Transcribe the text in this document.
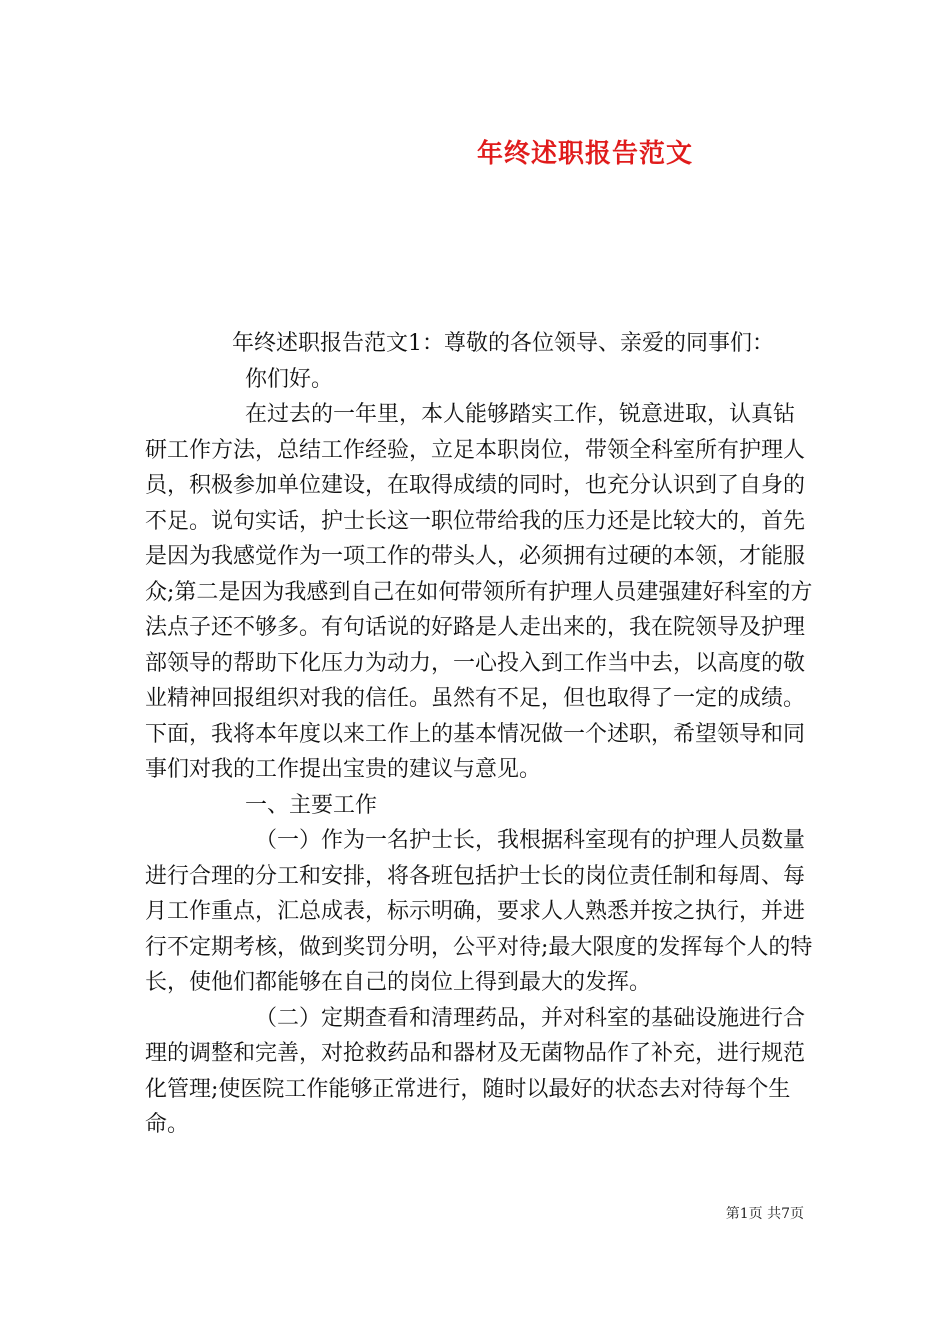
年终述职报告范文

年终述职报告范文1：尊敬的各位领导、亲爱的同事们：

你们好。

在过去的一年里，本人能够踏实工作，锐意进取，认真钻研工作方法，总结工作经验，立足本职岗位，带领全科室所有护理人员，积极参加单位建设，在取得成绩的同时，也充分认识到了自身的不足。说句实话，护士长这一职位带给我的压力还是比较大的，首先是因为我感觉作为一项工作的带头人，必须拥有过硬的本领，才能服众;第二是因为我感到自己在如何带领所有护理人员建强建好科室的方法点子还不够多。有句话说的好路是人走出来的，我在院领导及护理部领导的帮助下化压力为动力，一心投入到工作当中去，以高度的敬业精神回报组织对我的信任。虽然有不足，但也取得了一定的成绩。下面，我将本年度以来工作上的基本情况做一个述职，希望领导和同事们对我的工作提出宝贵的建议与意见。

一、主要工作

（一）作为一名护士长，我根据科室现有的护理人员数量进行合理的分工和安排，将各班包括护士长的岗位责任制和每周、每月工作重点，汇总成表，标示明确，要求人人熟悉并按之执行，并进行不定期考核，做到奖罚分明，公平对待;最大限度的发挥每个人的特长，使他们都能够在自己的岗位上得到最大的发挥。

（二）定期查看和清理药品，并对科室的基础设施进行合理的调整和完善，对抢救药品和器材及无菌物品作了补充，进行规范化管理;使医院工作能够正常进行，随时以最好的状态去对待每个生命。

第1页 共7页
